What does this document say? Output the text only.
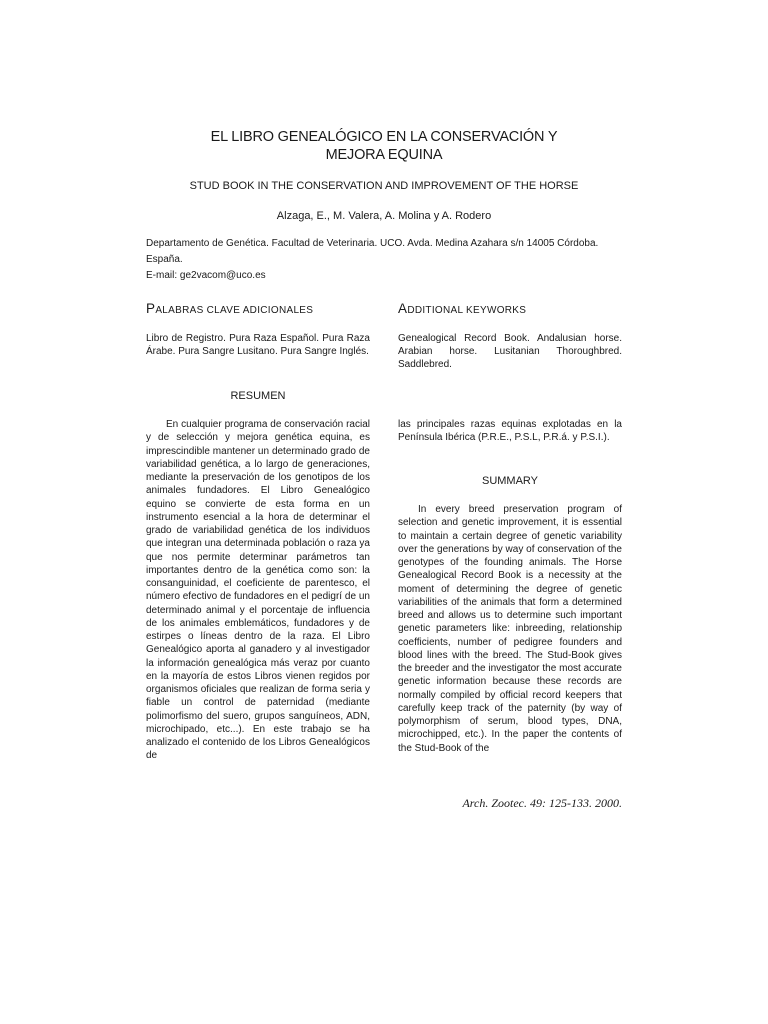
EL LIBRO GENEALÓGICO EN LA CONSERVACIÓN Y
MEJORA EQUINA
STUD BOOK IN THE CONSERVATION AND IMPROVEMENT OF THE HORSE
Alzaga, E., M. Valera, A. Molina y A. Rodero
Departamento de Genética. Facultad de Veterinaria. UCO. Avda. Medina Azahara s/n 14005 Córdoba.
España.
E-mail: ge2vacom@uco.es
PALABRAS CLAVE ADICIONALES
Libro de Registro. Pura Raza Español. Pura Raza Árabe. Pura Sangre Lusitano. Pura Sangre Inglés.
ADDITIONAL KEYWORKS
Genealogical Record Book. Andalusian horse. Arabian horse. Lusitanian Thoroughbred. Saddlebred.
RESUMEN

En cualquier programa de conservación racial y de selección y mejora genética equina, es imprescindible mantener un determinado grado de variabilidad genética, a lo largo de generaciones, mediante la preservación de los genotipos de los animales fundadores. El Libro Genealógico equino se convierte de esta forma en un instrumento esencial a la hora de determinar el grado de variabilidad genética de los individuos que integran una determinada población o raza ya que nos permite determinar parámetros tan importantes dentro de la genética como son: la consanguinidad, el coeficiente de parentesco, el número efectivo de fundadores en el pedigrí de un determinado animal y el porcentaje de influencia de los animales emblemáticos, fundadores y de estirpes o líneas dentro de la raza. El Libro Genealógico aporta al ganadero y al investigador la información genealógica más veraz por cuanto en la mayoría de estos Libros vienen regidos por organismos oficiales que realizan de forma seria y fiable un control de paternidad (mediante polimorfismo del suero, grupos sanguíneos, ADN, microchipado, etc...). En este trabajo se ha analizado el contenido de los Libros Genealógicos de

las principales razas equinas explotadas en la Península Ibérica (P.R.E., P.S.L, P.R.á. y P.S.I.).
SUMMARY

In every breed preservation program of selection and genetic improvement, it is essential to maintain a certain degree of genetic variability over the generations by way of conservation of the genotypes of the founding animals. The Horse Genealogical Record Book is a necessity at the moment of determining the degree of genetic variabilities of the animals that form a determined breed and allows us to determine such important genetic parameters like: inbreeding, relationship coefficients, number of pedigree founders and blood lines with the breed. The Stud-Book gives the breeder and the investigator the most accurate genetic information because these records are normally compiled by official record keepers that carefully keep track of the paternity (by way of polymorphism of serum, blood types, DNA, microchipped, etc.). In the paper the contents of the Stud-Book of the

Arch. Zootec. 49: 125-133. 2000.
